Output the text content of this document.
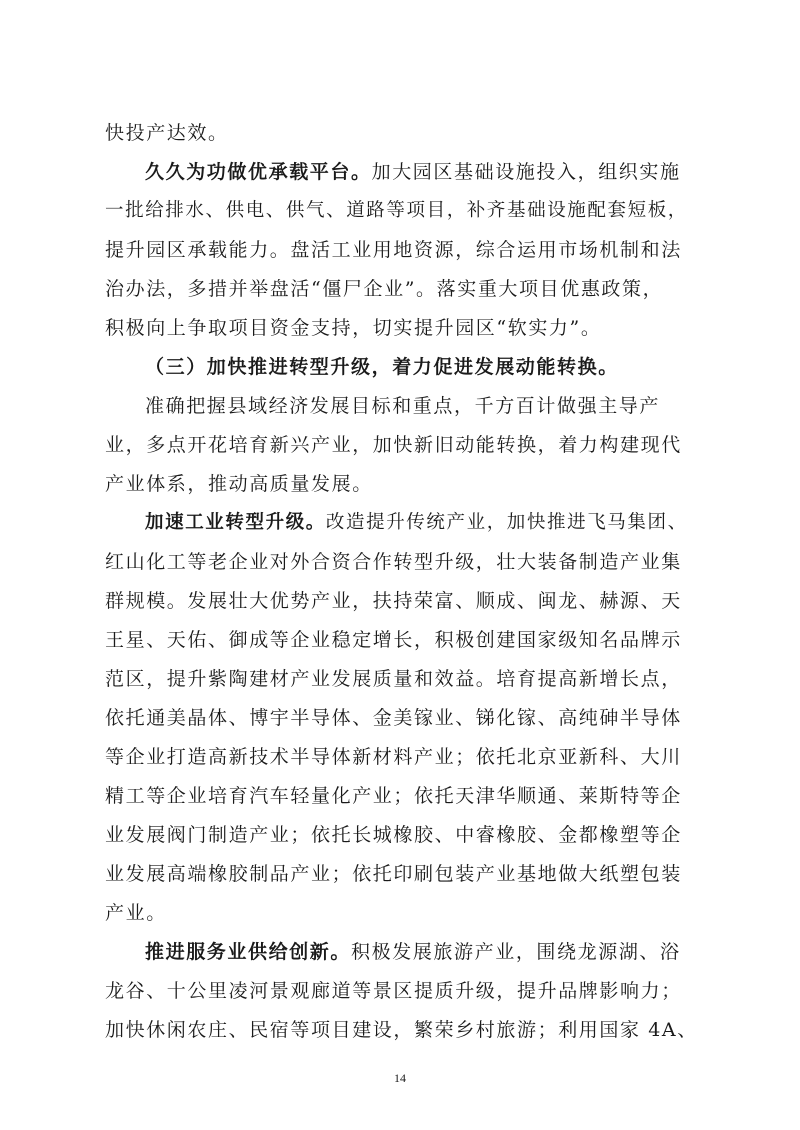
快投产达效。
久久为功做优承载平台。加大园区基础设施投入，组织实施
一批给排水、供电、供气、道路等项目，补齐基础设施配套短板，
提升园区承载能力。盘活工业用地资源，综合运用市场机制和法
治办法，多措并举盘活“僵尸企业”。落实重大项目优惠政策，
积极向上争取项目资金支持，切实提升园区“软实力”。
（三）加快推进转型升级，着力促进发展动能转换。
准确把握县域经济发展目标和重点，千方百计做强主导产
业，多点开花培育新兴产业，加快新旧动能转换，着力构建现代
产业体系，推动高质量发展。
加速工业转型升级。改造提升传统产业，加快推进飞马集团、
红山化工等老企业对外合资合作转型升级，壮大装备制造产业集
群规模。发展壮大优势产业，扶持荣富、顺成、闽龙、赫源、天
王星、天佑、御成等企业稳定增长，积极创建国家级知名品牌示
范区，提升紫陶建材产业发展质量和效益。培育提高新增长点，
依托通美晶体、博宇半导体、金美镓业、锑化镓、高纯砷半导体
等企业打造高新技术半导体新材料产业；依托北京亚新科、大川
精工等企业培育汽车轻量化产业；依托天津华顺通、莱斯特等企
业发展阀门制造产业；依托长城橡胶、中睿橡胶、金都橡塑等企
业发展高端橡胶制品产业；依托印刷包装产业基地做大纸塑包装
产业。
推进服务业供给创新。积极发展旅游产业，围绕龙源湖、浴
龙谷、十公里凌河景观廊道等景区提质升级，提升品牌影响力；
加快休闲农庄、民宿等项目建设，繁荣乡村旅游；利用国家 4A、
14
